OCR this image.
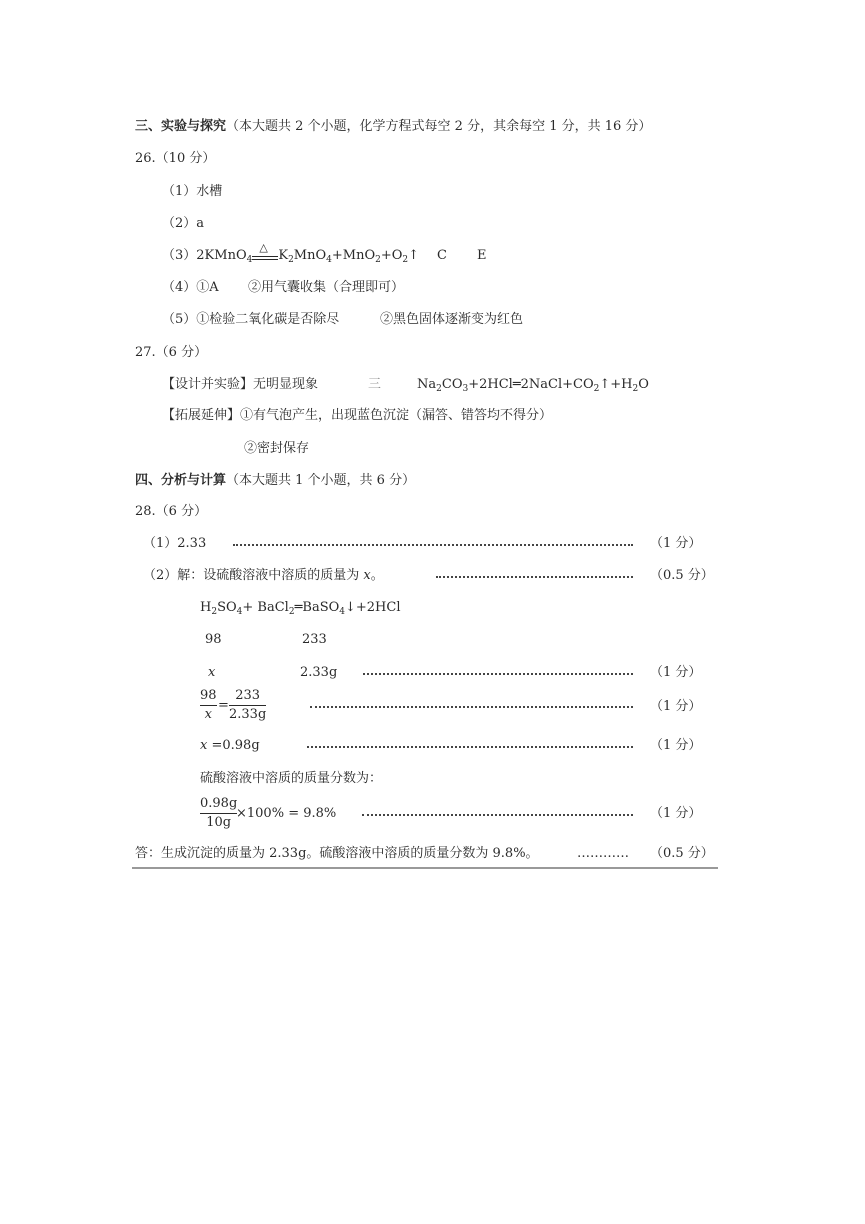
三、实验与探究（本大题共 2 个小题，化学方程式每空 2 分，其余每空 1 分，共 16 分）
26.（10 分）
（1）水槽
（2）a
（3）2KMnO$_4$
△
$K_2MnO_4+MnO_2+O_2↑$ C E
（4）①A ②用气囊收集（合理即可）
（5）①检验二氧化碳是否除尽	②黑色固体逐渐变为红色
27.（6 分）
【设计并实验】无明显现象	三	$Na_2CO_3+2HCl═2NaCl+CO_2↑+H_2O$
【拓展延伸】①有气泡产生，出现蓝色沉淀（漏答、错答均不得分）
②密封保存
四、分析与计算（本大题共 1 个小题，共 6 分）
28.（6 分）
（1）2.33	（1 分）
（2）解：设硫酸溶液中溶质的质量为 x。	（0.5 分）
$H_2SO_4+$ BaCl$_2$═BaSO$_4$↓+2HCl
98	233
x	2.33g	（1 分）
98
x
=
233
2.33g
（1 分）
x =0.98g	（1 分）
硫酸溶液中溶质的质量分数为：
0.98g
10g
×100% = 9.8%	（1 分）
答：生成沉淀的质量为 2.33g。硫酸溶液中溶质的质量分数为 9.8%。	………… （0.5 分）
